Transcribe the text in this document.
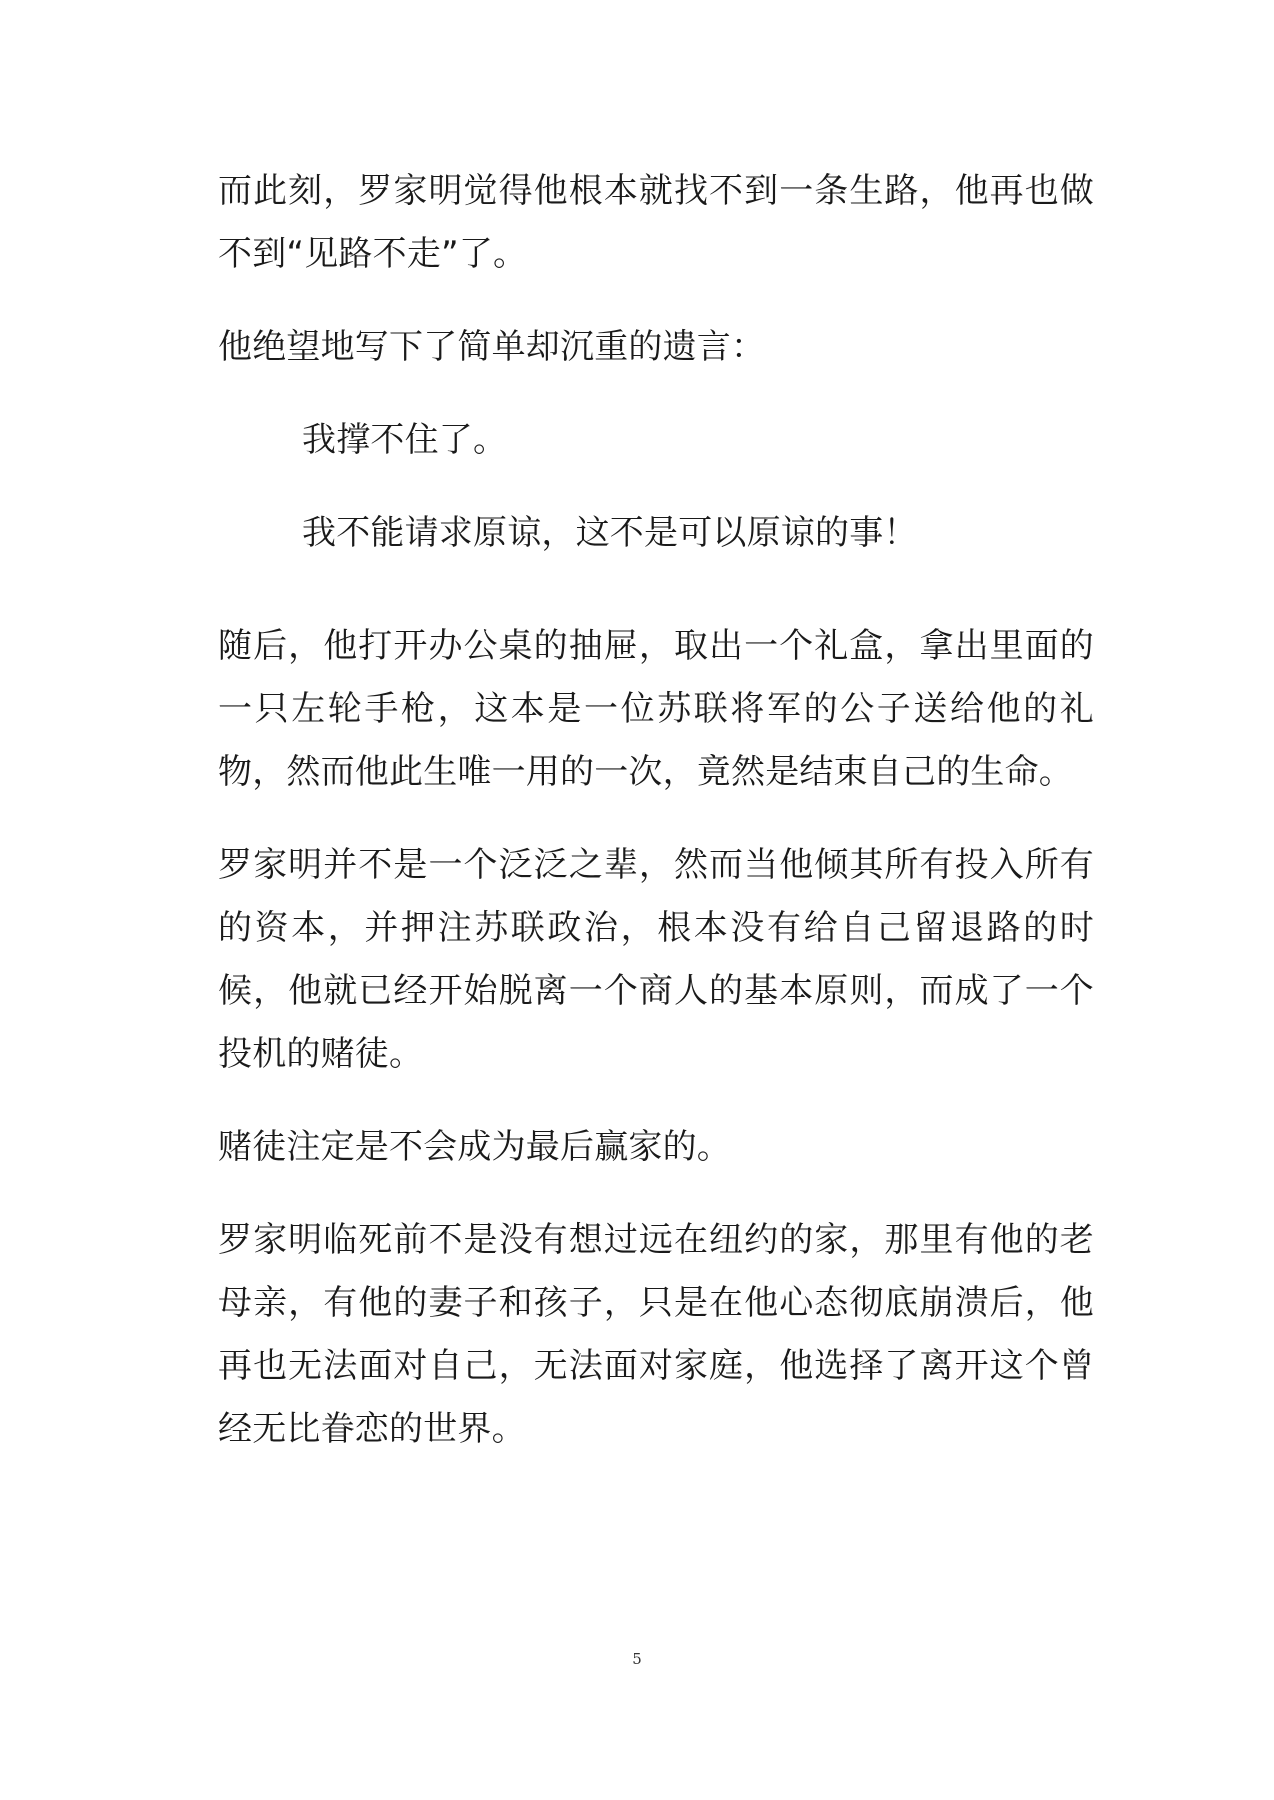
而此刻，罗家明觉得他根本就找不到一条生路，他再也做不到“见路不走”了。

他绝望地写下了简单却沉重的遗言：

我撑不住了。

我不能请求原谅，这不是可以原谅的事！

随后，他打开办公桌的抽屉，取出一个礼盒，拿出里面的一只左轮手枪，这本是一位苏联将军的公子送给他的礼物，然而他此生唯一用的一次，竟然是结束自己的生命。

罗家明并不是一个泛泛之辈，然而当他倾其所有投入所有的资本，并押注苏联政治，根本没有给自己留退路的时候，他就已经开始脱离一个商人的基本原则，而成了一个投机的赌徒。

赌徒注定是不会成为最后赢家的。

罗家明临死前不是没有想过远在纽约的家，那里有他的老母亲，有他的妻子和孩子，只是在他心态彻底崩溃后，他再也无法面对自己，无法面对家庭，他选择了离开这个曾经无比眷恋的世界。

5
